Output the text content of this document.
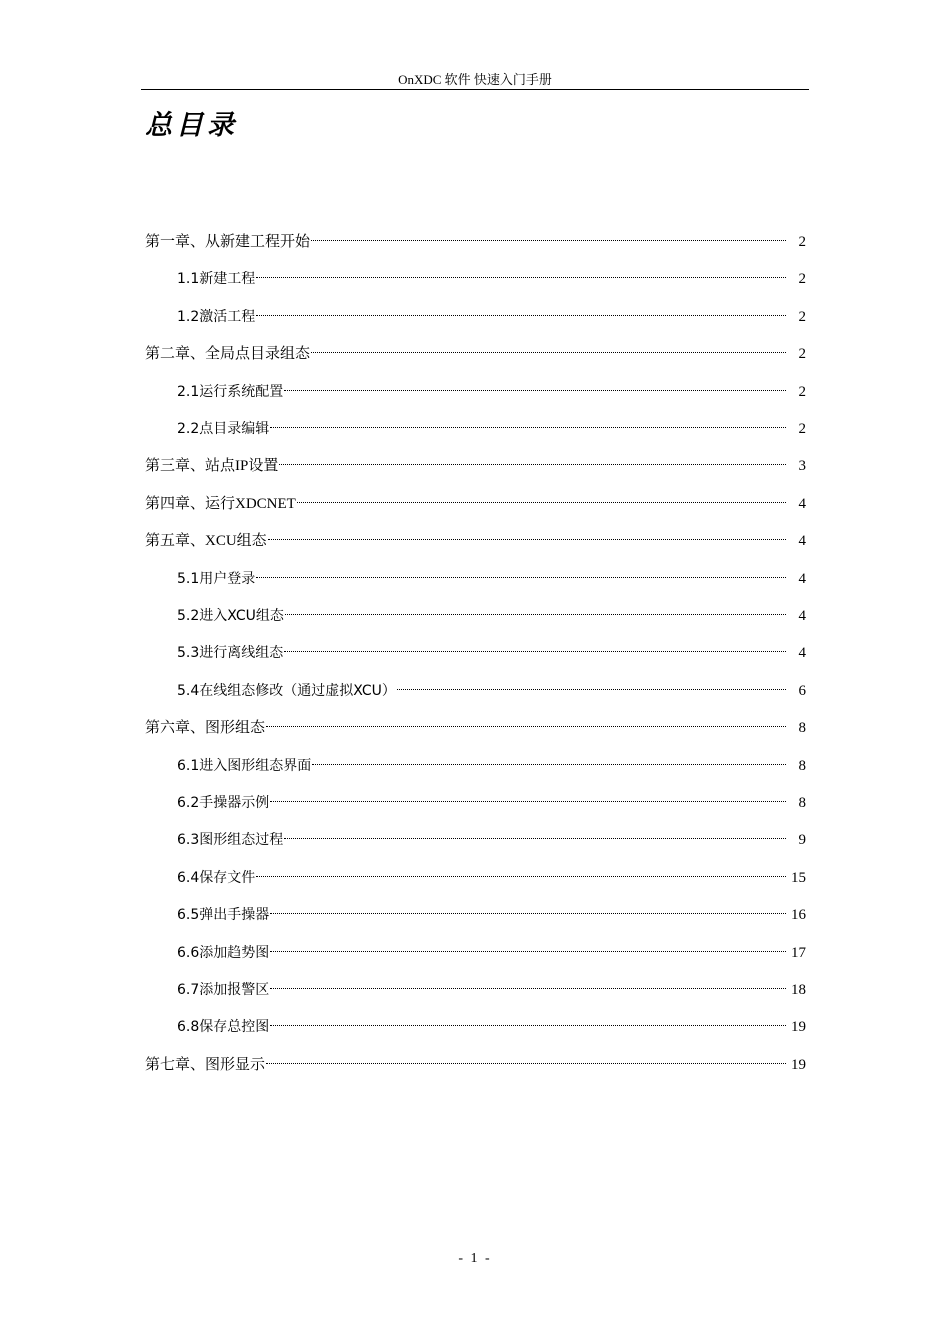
OnXDC 软件 快速入门手册
总目录
第一章、从新建工程开始	2
1.1新建工程	2
1.2激活工程	2
第二章、全局点目录组态	2
2.1运行系统配置	2
2.2点目录编辑	2
第三章、站点IP设置	3
第四章、运行XDCNET	4
第五章、XCU组态	4
5.1用户登录	4
5.2进入XCU组态	4
5.3进行离线组态	4
5.4在线组态修改（通过虚拟XCU）	6
第六章、图形组态	8
6.1进入图形组态界面	8
6.2手操器示例	8
6.3图形组态过程	9
6.4保存文件	15
6.5弹出手操器	16
6.6添加趋势图	17
6.7添加报警区	18
6.8保存总控图	19
第七章、图形显示	19
- 1 -
